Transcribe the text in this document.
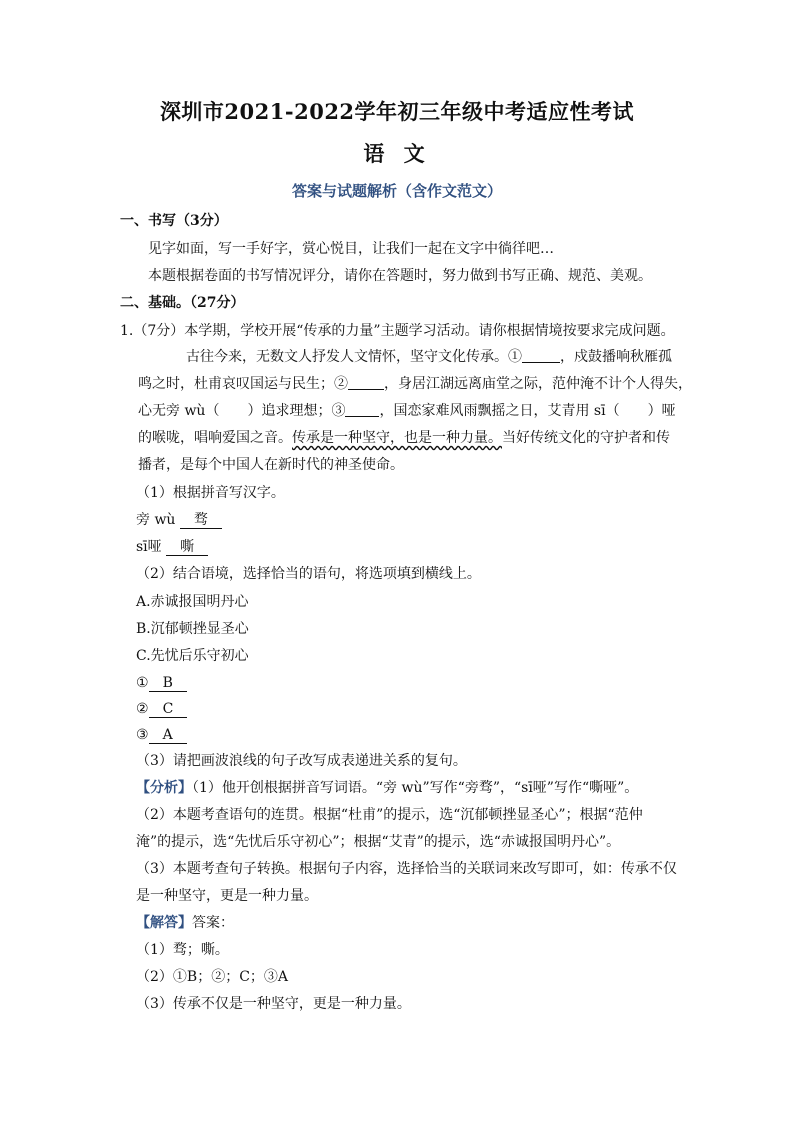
深圳市2021-2022学年初三年级中考适应性考试
语 文
答案与试题解析（含作文范文）
一、书写（3分）
见字如面，写一手好字，赏心悦目，让我们一起在文字中徜徉吧…
本题根据卷面的书写情况评分，请你在答题时，努力做到书写正确、规范、美观。
二、基础。（27分）
1.（7分）本学期，学校开展“传承的力量”主题学习活动。请你根据情境按要求完成问题。
古往今来，无数文人抒发人文情怀，坚守文化传承。①	，戍鼓播响秋雁孤
鸣之时，杜甫哀叹国运与民生；②	，身居江湖远离庙堂之际，范仲淹不计个人得失，
心无旁 wù（　　）追求理想；③ ，国恋家难风雨飘摇之日，艾青用 sī（　　）哑
的喉咙，唱响爱国之音。传承是一种坚守，也是一种力量。当好传统文化的守护者和传
播者，是每个中国人在新时代的神圣使命。
（1）根据拼音写汉字。
旁 wù 骛
sī哑 嘶
（2）结合语境，选择恰当的语句，将选项填到横线上。
A.赤诚报国明丹心
B.沉郁顿挫显圣心
C.先忧后乐守初心
① B
② C
③ A
（3）请把画波浪线的句子改写成表递进关系的复句。
【分析】（1）他开创根据拼音写词语。“旁 wù”写作“旁骛”，“sī哑”写作“嘶哑”。
（2）本题考查语句的连贯。根据“杜甫”的提示，选“沉郁顿挫显圣心”；根据“范仲
淹”的提示，选“先忧后乐守初心”；根据“艾青”的提示，选“赤诚报国明丹心”。
（3）本题考查句子转换。根据句子内容，选择恰当的关联词来改写即可，如：传承不仅
是一种坚守，更是一种力量。
【解答】答案：
（1）骛；嘶。
（2）①B；②；C；③A
（3）传承不仅是一种坚守，更是一种力量。
